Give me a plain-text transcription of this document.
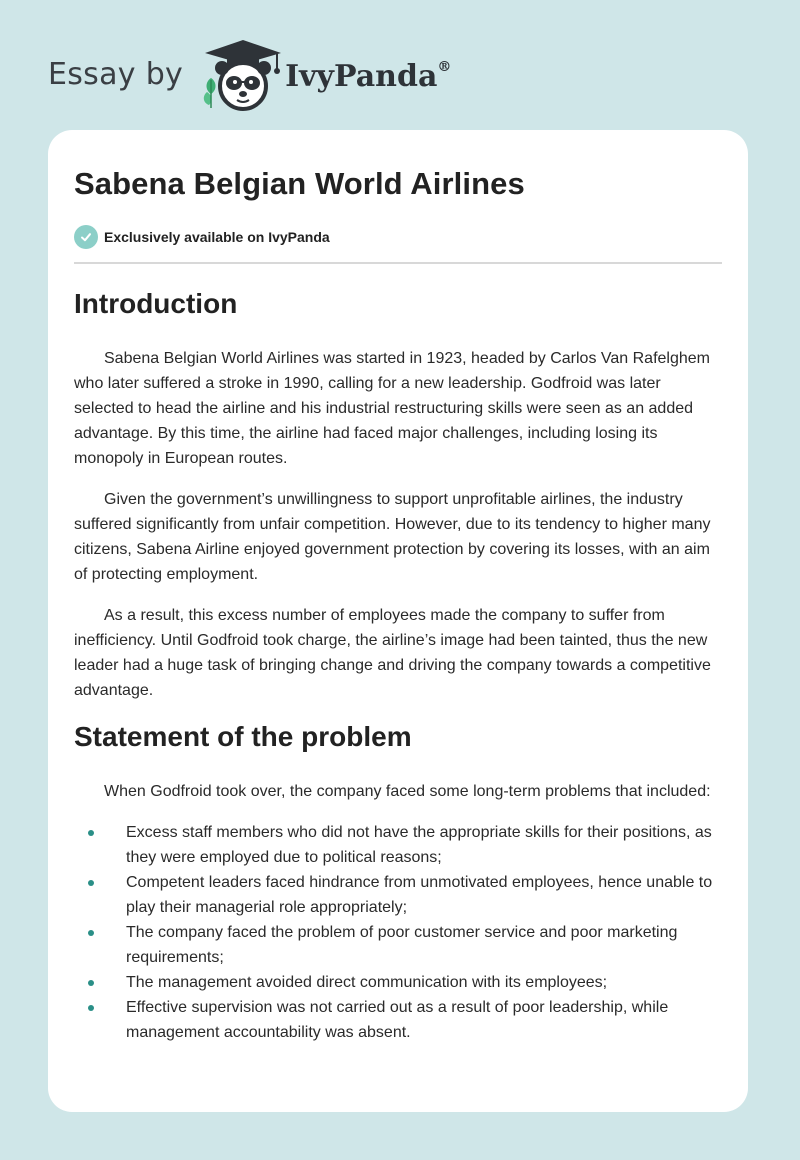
Essay by	IvyPanda®
Sabena Belgian World Airlines
Exclusively available on IvyPanda
Introduction

Sabena Belgian World Airlines was started in 1923, headed by Carlos Van Rafelghem who later suffered a stroke in 1990, calling for a new leadership. Godfroid was later selected to head the airline and his industrial restructuring skills were seen as an added advantage. By this time, the airline had faced major challenges, including losing its monopoly in European routes.

Given the government’s unwillingness to support unprofitable airlines, the industry suffered significantly from unfair competition. However, due to its tendency to higher many citizens, Sabena Airline enjoyed government protection by covering its losses, with an aim of protecting employment.

As a result, this excess number of employees made the company to suffer from inefficiency. Until Godfroid took charge, the airline’s image had been tainted, thus the new leader had a huge task of bringing change and driving the company towards a competitive advantage.

Statement of the problem

When Godfroid took over, the company faced some long-term problems that included:

Excess staff members who did not have the appropriate skills for their positions, as they were employed due to political reasons;
Competent leaders faced hindrance from unmotivated employees, hence unable to play their managerial role appropriately;
The company faced the problem of poor customer service and poor marketing requirements;
The management avoided direct communication with its employees;
Effective supervision was not carried out as a result of poor leadership, while management accountability was absent.
